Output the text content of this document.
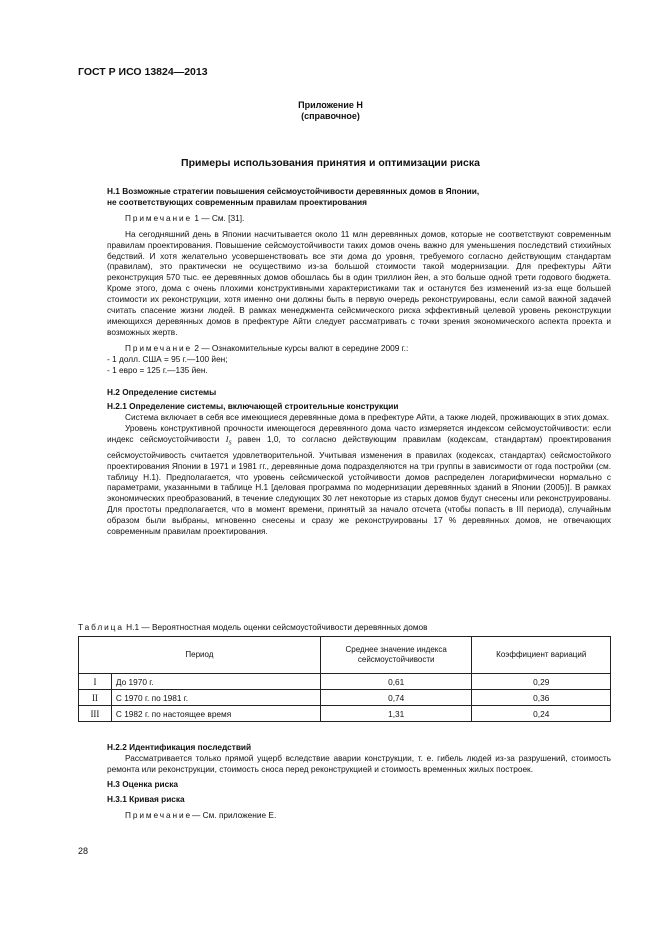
ГОСТ Р ИСО 13824—2013
Приложение Н
(справочное)
Примеры использования принятия и оптимизации риска

Н.1 Возможные стратегии повышения сейсмоустойчивости деревянных домов в Японии,

не соответствующих современным правилам проектирования

Примечание 1 — См. [31].

На сегодняшний день в Японии насчитывается около 11 млн деревянных домов, которые не соответствуют современным правилам проектирования. Повышение сейсмоустойчивости таких домов очень важно для уменьшения последствий стихийных бедствий. И хотя желательно усовершенствовать все эти дома до уровня, требуемого согласно действующим стандартам (правилам), это практически не осуществимо из-за большой стоимости такой модернизации. Для префектуры Айти реконструкция 570 тыс. ее деревянных домов обошлась бы в один триллион йен, а это больше одной трети годового бюджета. Кроме этого, дома с очень плохими конструктивными характеристиками так и останутся без изменений из-за еще большей стоимости их реконструкции, хотя именно они должны быть в первую очередь реконструированы, если самой важной задачей считать спасение жизни людей. В рамках менеджмента сейсмического риска эффективный целевой уровень реконструкции имеющихся деревянных домов в префектуре Айти следует рассматривать с точки зрения экономического аспекта проекта и возможных жертв.

Примечание 2 — Ознакомительные курсы валют в середине 2009 г.:

- 1 долл. США = 95 г.—100 йен;

- 1 евро = 125 г.—135 йен.

Н.2 Определение системы

Н.2.1 Определение системы, включающей строительные конструкции

Система включает в себя все имеющиеся деревянные дома в префектуре Айти, а также людей, проживающих в этих домах.

Уровень конструктивной прочности имеющегося деревянного дома часто измеряется индексом сейсмоустойчивости: если индекс сейсмоустойчивости $I_S$ равен 1,0, то согласно действующим правилам (кодексам, стандартам) проектирования сейсмоустойчивость считается удовлетворительной. Учитывая изменения в правилах (кодексах, стандартах) сейсмостойкого проектирования Японии в 1971 и 1981 гг., деревянные дома подразделяются на три группы в зависимости от года постройки (см. таблицу Н.1). Предполагается, что уровень сейсмической устойчивости домов распределен логарифмически нормально с параметрами, указанными в таблице Н.1 [деловая программа по модернизации деревянных зданий в Японии (2005)]. В рамках экономических преобразований, в течение следующих 30 лет некоторые из старых домов будут снесены или реконструированы. Для простоты предполагается, что в момент времени, принятый за начало отсчета (чтобы попасть в III периода), случайным образом были выбраны, мгновенно снесены и сразу же реконструированы 17 % деревянных домов, не отвечающих современным правилам проектирования.

Таблица Н.1 — Вероятностная модель оценки сейсмоустойчивости деревянных домов
Период		Среднее значение индекса сейсмоустойчивости	Коэффициент вариаций
I	До 1970 г.	0,61	0,29
II	С 1970 г. по 1981 г.	0,74	0,36
III	С 1982 г. по настоящее время	1,31	0,24

Н.2.2 Идентификация последствий

Рассматривается только прямой ущерб вследствие аварии конструкции, т. е. гибель людей из-за разрушений, стоимость ремонта или реконструкции, стоимость сноса перед реконструкцией и стоимость временных жилых построек.

Н.3 Оценка риска

Н.3.1 Кривая риска

Примечание— См. приложение Е.

28
